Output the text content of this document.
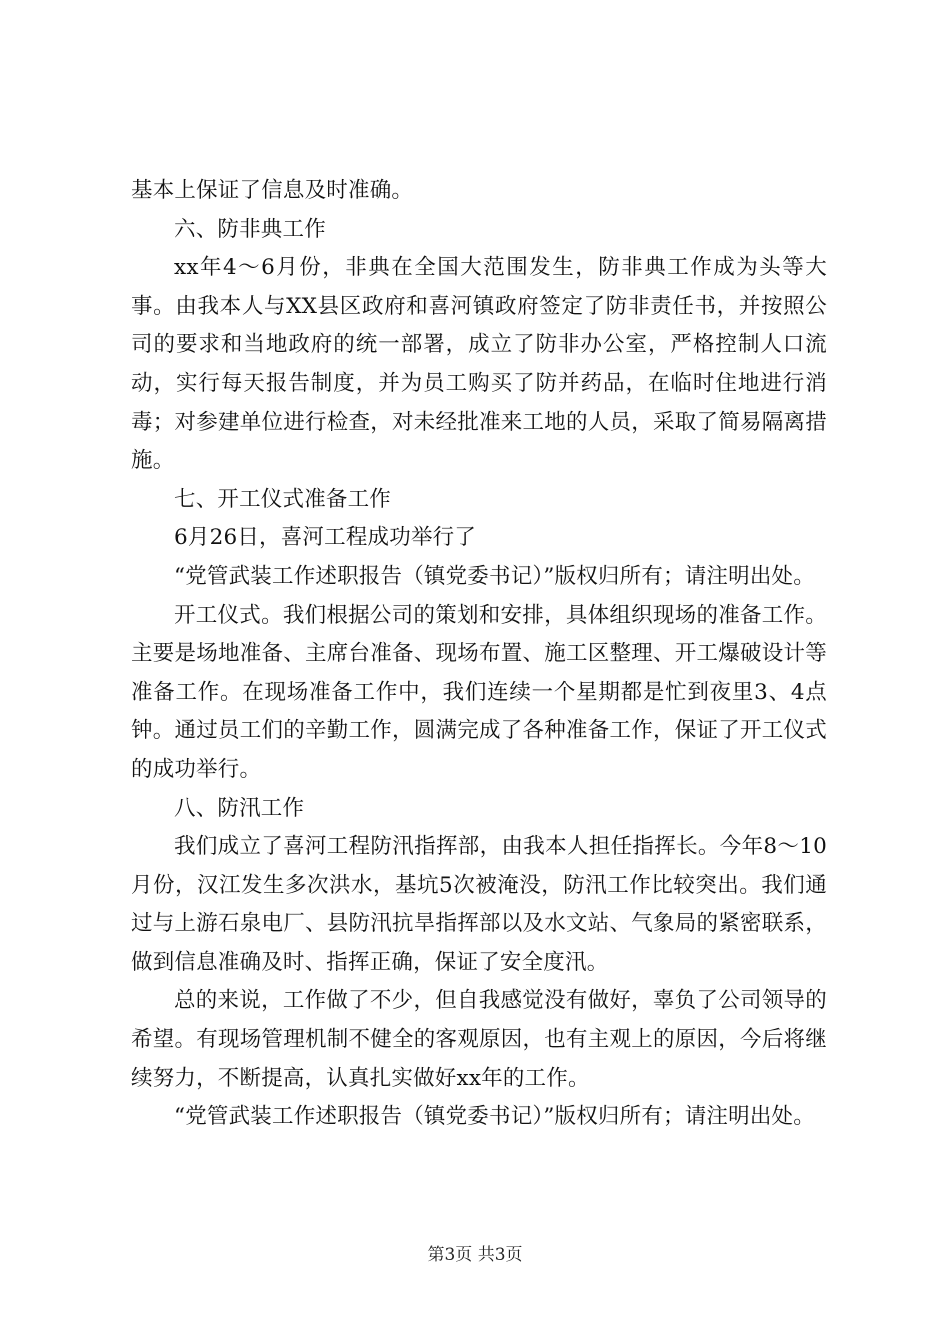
基本上保证了信息及时准确。

六、防非典工作

xx年4～6月份，非典在全国大范围发生，防非典工作成为头等大事。由我本人与XX县区政府和喜河镇政府签定了防非责任书，并按照公司的要求和当地政府的统一部署，成立了防非办公室，严格控制人口流动，实行每天报告制度，并为员工购买了防并药品，在临时住地进行消毒；对参建单位进行检查，对未经批准来工地的人员，采取了简易隔离措施。

七、开工仪式准备工作

6月26日，喜河工程成功举行了

“党管武装工作述职报告（镇党委书记）”版权归所有；请注明出处。

开工仪式。我们根据公司的策划和安排，具体组织现场的准备工作。主要是场地准备、主席台准备、现场布置、施工区整理、开工爆破设计等准备工作。在现场准备工作中，我们连续一个星期都是忙到夜里3、4点钟。通过员工们的辛勤工作，圆满完成了各种准备工作，保证了开工仪式的成功举行。

八、防汛工作

我们成立了喜河工程防汛指挥部，由我本人担任指挥长。今年8～10月份，汉江发生多次洪水，基坑5次被淹没，防汛工作比较突出。我们通过与上游石泉电厂、县防汛抗旱指挥部以及水文站、气象局的紧密联系，做到信息准确及时、指挥正确，保证了安全度汛。

总的来说，工作做了不少，但自我感觉没有做好，辜负了公司领导的希望。有现场管理机制不健全的客观原因，也有主观上的原因，今后将继续努力，不断提高，认真扎实做好xx年的工作。

“党管武装工作述职报告（镇党委书记）”版权归所有；请注明出处。

第3页 共3页
